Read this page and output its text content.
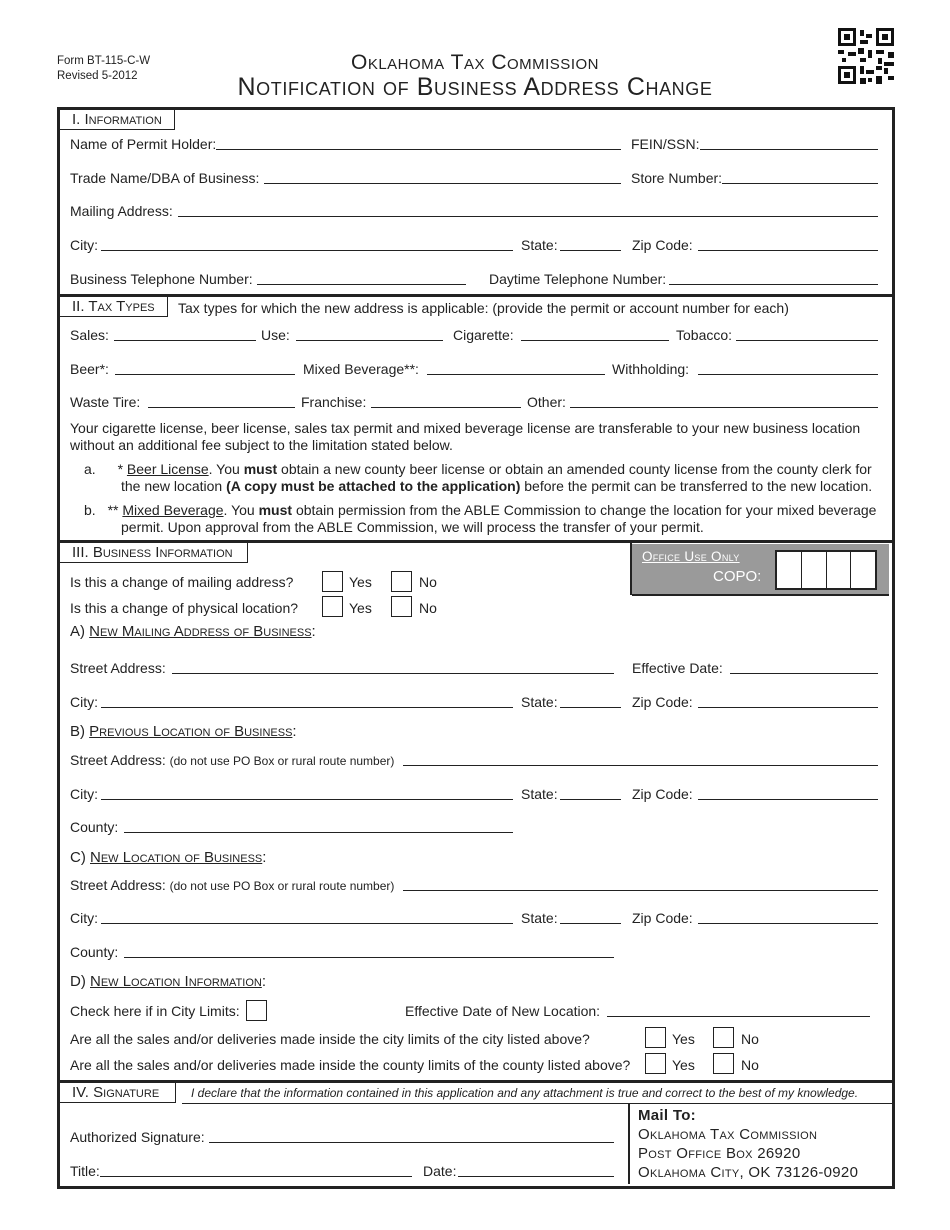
Form BT-115-C-W
Revised 5-2012
Oklahoma Tax Commission
Notification of Business Address Change
I. Information
Name of Permit Holder:	FEIN/SSN:
Trade Name/DBA of Business:	Store Number:
Mailing Address:
City:	State:	Zip Code:
Business Telephone Number:	Daytime Telephone Number:
II. Tax Types	Tax types for which the new address is applicable: (provide the permit or account number for each)
Sales:	Use:	Cigarette:	Tobacco:
Beer*:	Mixed Beverage**:	Withholding:
Waste Tire:	Franchise:	Other:
Your cigarette license, beer license, sales tax permit and mixed beverage license are transferable to your new business location
without an additional fee subject to the limitation stated below.
a. * Beer License. You must obtain a new county beer license or obtain an amended county license from the county clerk for
the new location (A copy must be attached to the application) before the permit can be transferred to the new location.
b. ** Mixed Beverage. You must obtain permission from the ABLE Commission to change the location for your mixed beverage
permit. Upon approval from the ABLE Commission, we will process the transfer of your permit.
III. Business Information	Office Use Only
COPO:
Is this a change of mailing address?	Yes	No
Is this a change of physical location?	Yes	No
A) New Mailing Address of Business:
Street Address:	Effective Date:
City:	State:	Zip Code:
B) Previous Location of Business:
Street Address: (do not use PO Box or rural route number)
City:	State:	Zip Code:
County:
C) New Location of Business:
Street Address: (do not use PO Box or rural route number)
City:	State:	Zip Code:
County:
D) New Location Information:
Check here if in City Limits:	Effective Date of New Location:
Are all the sales and/or deliveries made inside the city limits of the city listed above?	Yes	No
Are all the sales and/or deliveries made inside the county limits of the county listed above?	Yes	No
IV. Signature	I declare that the information contained in this application and any attachment is true and correct to the best of my knowledge.
Authorized Signature:
Title:	Date:
Mail To:
Oklahoma Tax Commission
Post Office Box 26920
Oklahoma City, OK 73126-0920
